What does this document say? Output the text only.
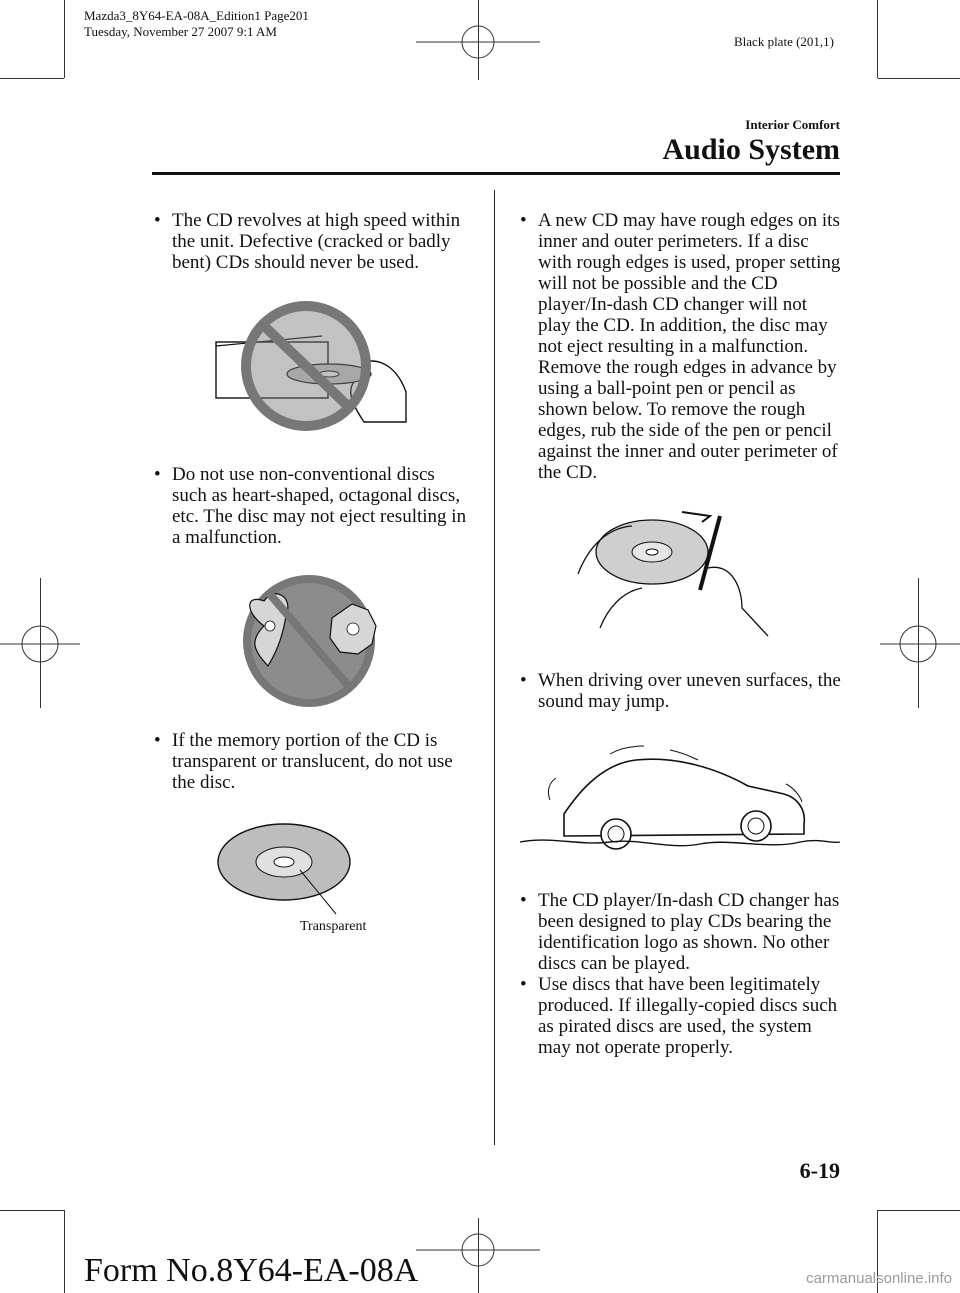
Mazda3_8Y64-EA-08A_Edition1 Page201
Tuesday, November 27 2007 9:1 AM
Black plate (201,1)
Interior Comfort
Audio System

• The CD revolves at high speed within the unit. Defective (cracked or badly bent) CDs should never be used.

• Do not use non-conventional discs such as heart-shaped, octagonal discs, etc. The disc may not eject resulting in a malfunction.

• If the memory portion of the CD is transparent or translucent, do not use the disc.

Transparent

• A new CD may have rough edges on its inner and outer perimeters. If a disc with rough edges is used, proper setting will not be possible and the CD player/In-dash CD changer will not play the CD. In addition, the disc may not eject resulting in a malfunction. Remove the rough edges in advance by using a ball-point pen or pencil as shown below. To remove the rough edges, rub the side of the pen or pencil against the inner and outer perimeter of the CD.

• When driving over uneven surfaces, the sound may jump.

• The CD player/In-dash CD changer has been designed to play CDs bearing the identification logo as shown. No other discs can be played.

• Use discs that have been legitimately produced. If illegally-copied discs such as pirated discs are used, the system may not operate properly.

6-19
Form No.8Y64-EA-08A	carmanualsonline.info
